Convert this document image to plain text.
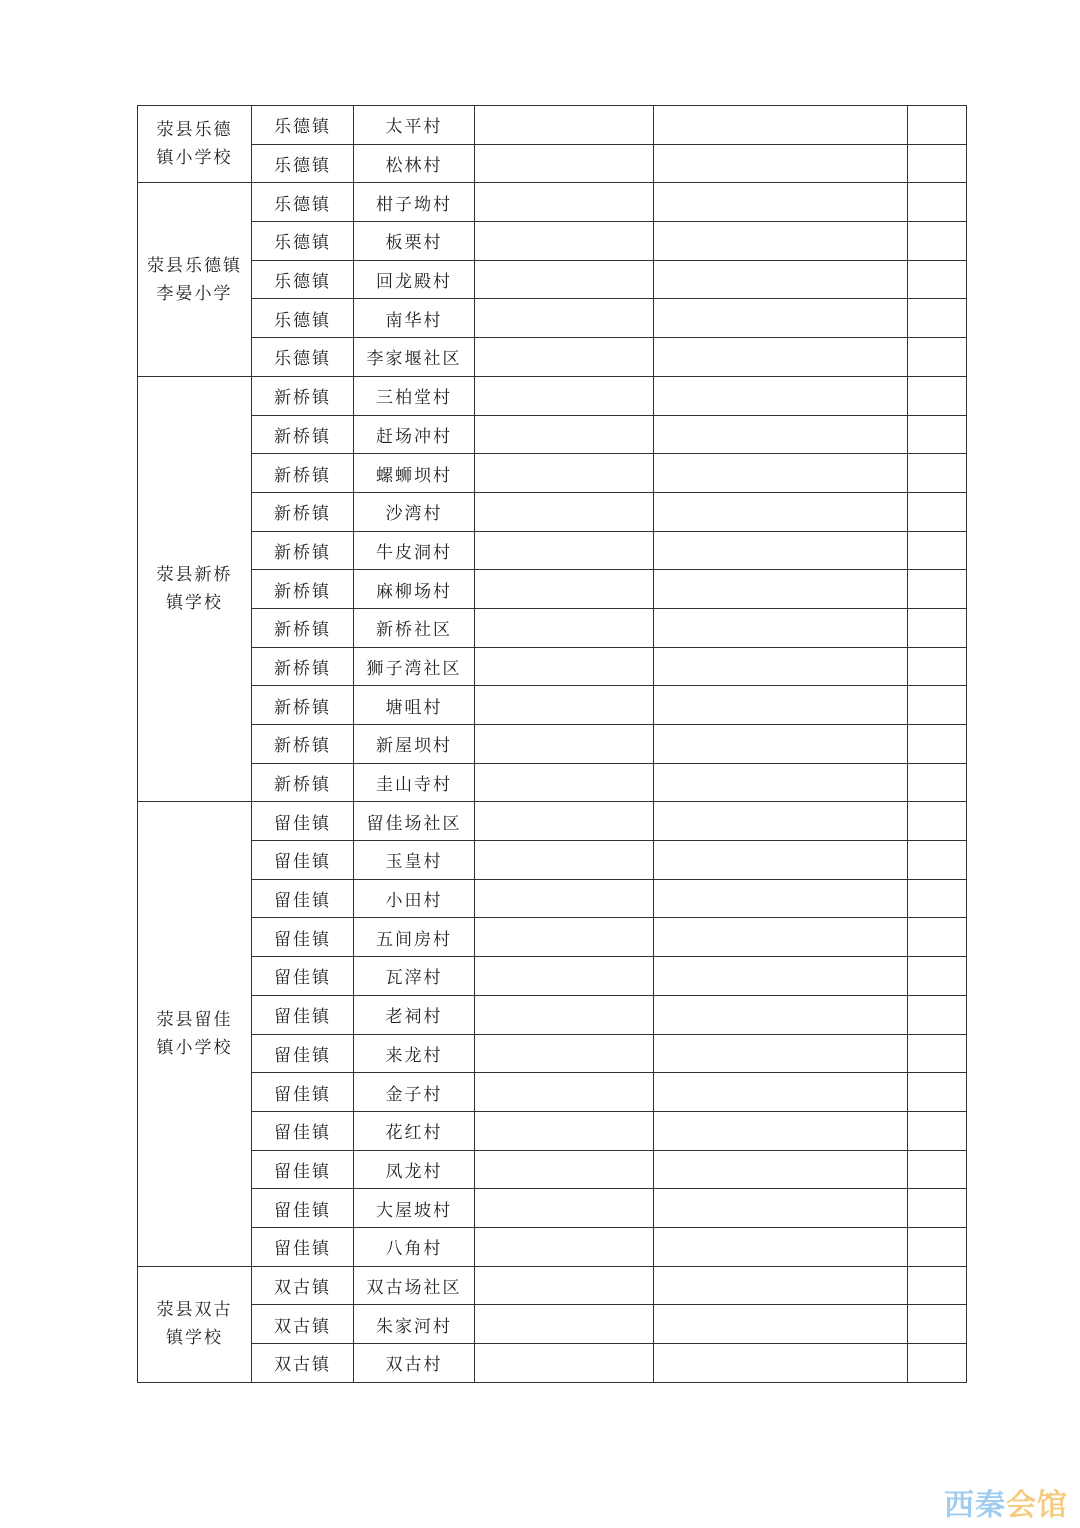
荥县乐德
镇小学校	乐德镇	太平村			
	乐德镇	松林村			

荥县乐德镇
李晏小学	乐德镇	柑子坳村			
	乐德镇	板栗村			
	乐德镇	回龙殿村			
	乐德镇	南华村			
	乐德镇	李家堰社区			

荥县新桥
镇学校	新桥镇	三柏堂村			
	新桥镇	赶场冲村			
	新桥镇	螺蛳坝村			
	新桥镇	沙湾村			
	新桥镇	牛皮洞村			
	新桥镇	麻柳场村			
	新桥镇	新桥社区			
	新桥镇	狮子湾社区			
	新桥镇	塘咀村			
	新桥镇	新屋坝村			
	新桥镇	圭山寺村			

荥县留佳
镇小学校	留佳镇	留佳场社区			
	留佳镇	玉皇村			
	留佳镇	小田村			
	留佳镇	五间房村			
	留佳镇	瓦滓村			
	留佳镇	老祠村			
	留佳镇	来龙村			
	留佳镇	金子村			
	留佳镇	花红村			
	留佳镇	凤龙村			
	留佳镇	大屋坡村			
	留佳镇	八角村			

荥县双古
镇学校	双古镇	双古场社区			
	双古镇	朱家河村			
	双古镇	双古村			
西秦会馆
